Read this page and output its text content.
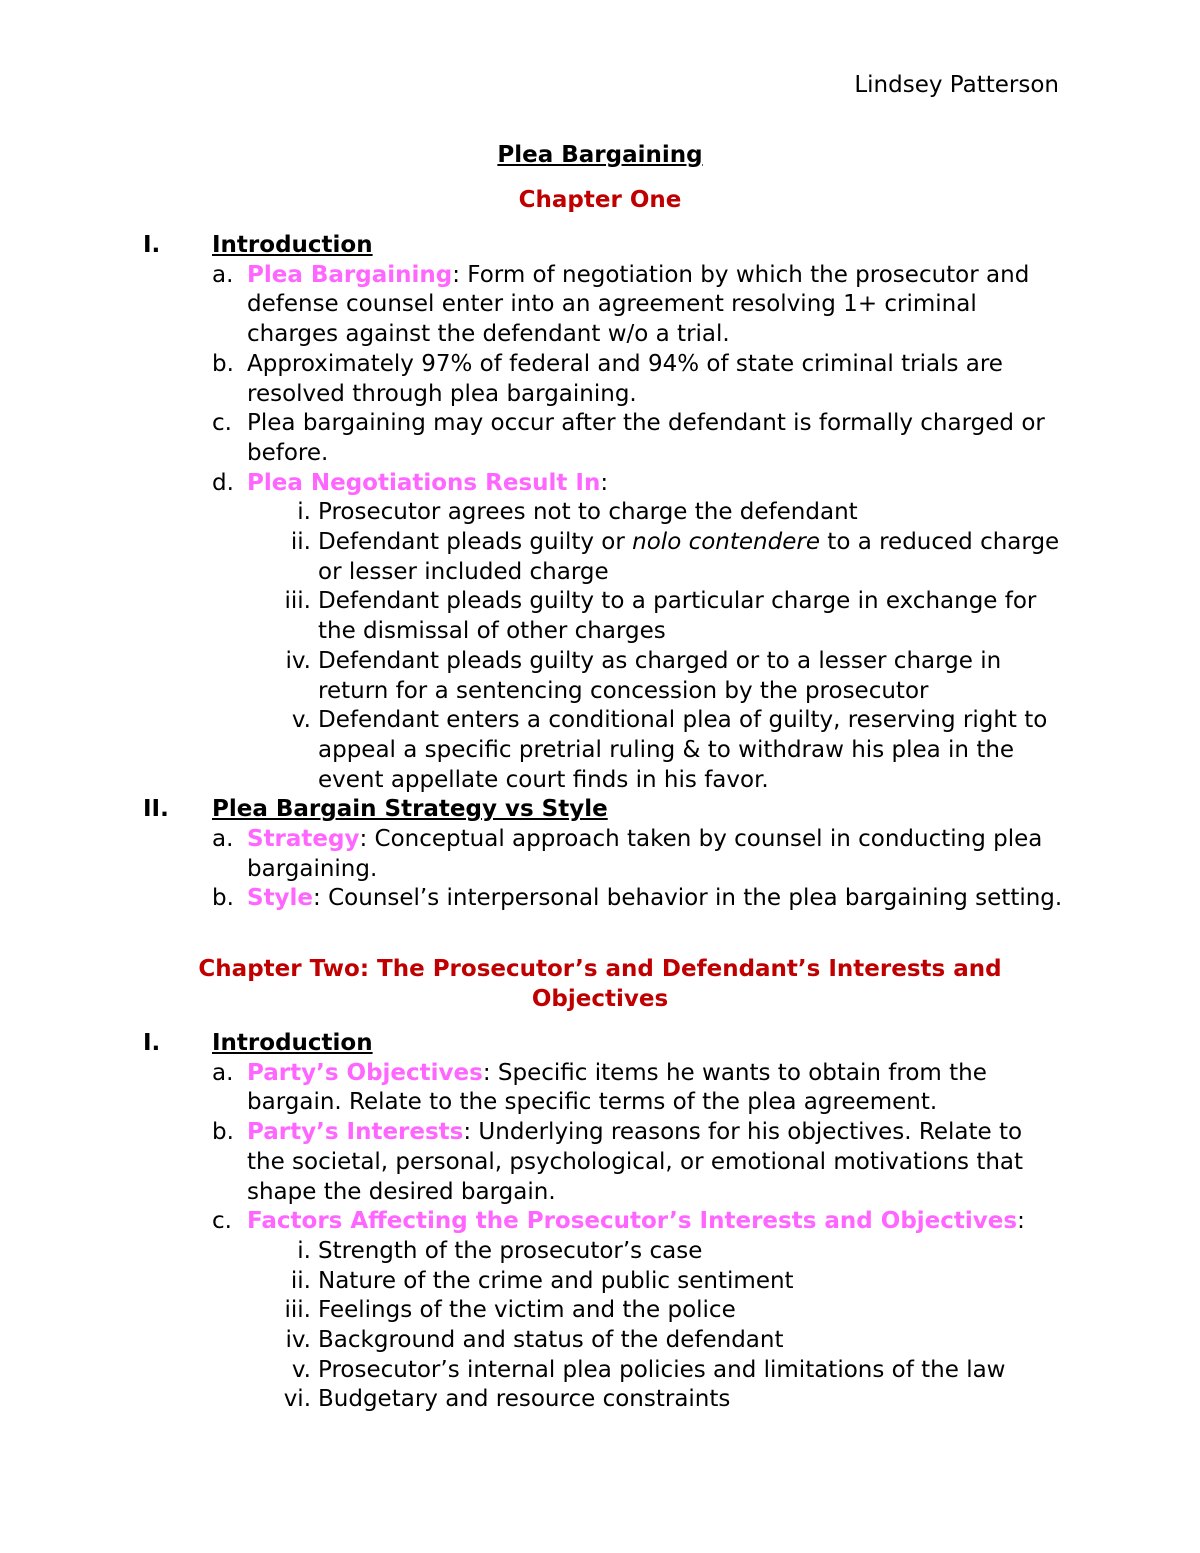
Lindsey Patterson
Plea Bargaining
Chapter One
I. Introduction
a. Plea Bargaining: Form of negotiation by which the prosecutor and defense counsel enter into an agreement resolving 1+ criminal charges against the defendant w/o a trial.
b. Approximately 97% of federal and 94% of state criminal trials are resolved through plea bargaining.
c. Plea bargaining may occur after the defendant is formally charged or before.
d. Plea Negotiations Result In:
i. Prosecutor agrees not to charge the defendant
ii. Defendant pleads guilty or nolo contendere to a reduced charge or lesser included charge
iii. Defendant pleads guilty to a particular charge in exchange for the dismissal of other charges
iv. Defendant pleads guilty as charged or to a lesser charge in return for a sentencing concession by the prosecutor
v. Defendant enters a conditional plea of guilty, reserving right to appeal a specific pretrial ruling & to withdraw his plea in the event appellate court finds in his favor.
II. Plea Bargain Strategy vs Style
a. Strategy: Conceptual approach taken by counsel in conducting plea bargaining.
b. Style: Counsel’s interpersonal behavior in the plea bargaining setting.
Chapter Two: The Prosecutor’s and Defendant’s Interests and Objectives
I. Introduction
a. Party’s Objectives: Specific items he wants to obtain from the bargain. Relate to the specific terms of the plea agreement.
b. Party’s Interests: Underlying reasons for his objectives. Relate to the societal, personal, psychological, or emotional motivations that shape the desired bargain.
c. Factors Affecting the Prosecutor’s Interests and Objectives:
i. Strength of the prosecutor’s case
ii. Nature of the crime and public sentiment
iii. Feelings of the victim and the police
iv. Background and status of the defendant
v. Prosecutor’s internal plea policies and limitations of the law
vi. Budgetary and resource constraints
